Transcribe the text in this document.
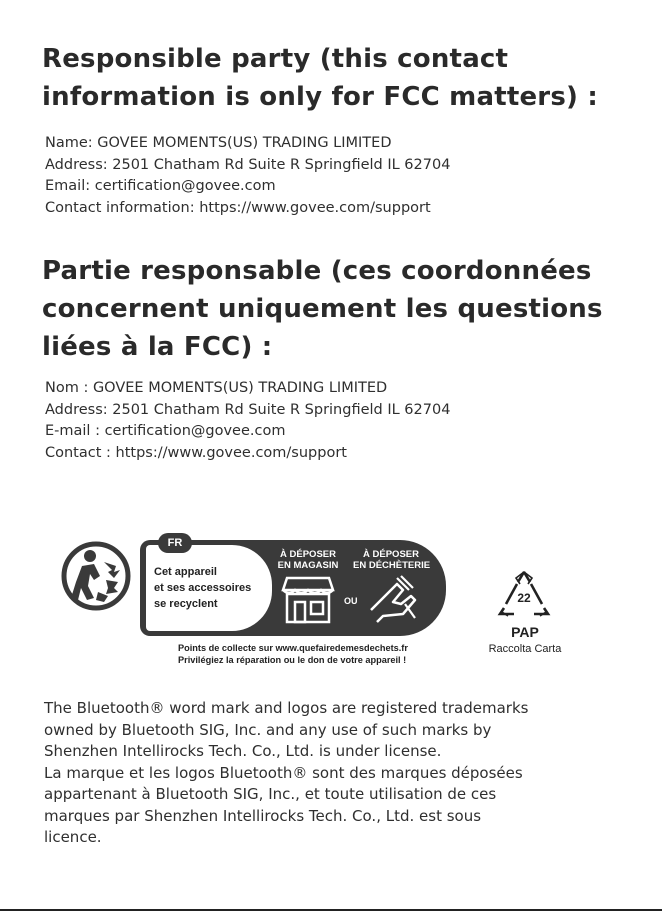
Responsible party (this contact
information is only for FCC matters) :
Name: GOVEE MOMENTS(US) TRADING LIMITED
Address: 2501 Chatham Rd Suite R Springfield IL 62704
Email: certification@govee.com
Contact information: https://www.govee.com/support
Partie responsable (ces coordonnées
concernent uniquement les questions
liées à la FCC) :
Nom : GOVEE MOMENTS(US) TRADING LIMITED
Address: 2501 Chatham Rd Suite R Springfield IL 62704
E-mail : certification@govee.com
Contact : https://www.govee.com/support
FR
Cet appareil
et ses accessoires
se recyclent
À DÉPOSER
EN MAGASIN
À DÉPOSER
EN DÉCHÈTERIE
OU
Points de collecte sur www.quefairedemesdechets.fr
Privilégiez la réparation ou le don de votre appareil !
22
PAP
Raccolta Carta
The Bluetooth® word mark and logos are registered trademarks
owned by Bluetooth SIG, Inc. and any use of such marks by
Shenzhen Intellirocks Tech. Co., Ltd. is under license.
La marque et les logos Bluetooth® sont des marques déposées
appartenant à Bluetooth SIG, Inc., et toute utilisation de ces
marques par Shenzhen Intellirocks Tech. Co., Ltd. est sous
licence.
